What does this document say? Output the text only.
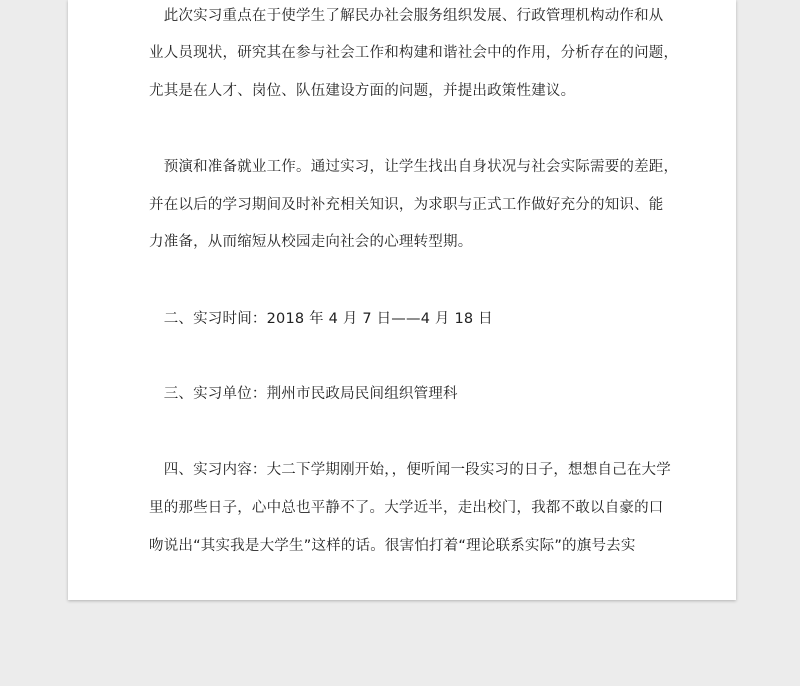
　此次实习重点在于使学生了解民办社会服务组织发展、行政管理机构动作和从
业人员现状，研究其在参与社会工作和构建和谐社会中的作用，分析存在的问题，
尤其是在人才、岗位、队伍建设方面的问题，并提出政策性建议。
　预演和准备就业工作。通过实习，让学生找出自身状况与社会实际需要的差距，
并在以后的学习期间及时补充相关知识，为求职与正式工作做好充分的知识、能
力准备，从而缩短从校园走向社会的心理转型期。
　二、实习时间：2018 年 4 月 7 日——4 月 18 日
　三、实习单位：荆州市民政局民间组织管理科
　四、实习内容：大二下学期刚开始，，便听闻一段实习的日子，想想自己在大学
里的那些日子，心中总也平静不了。大学近半，走出校门，我都不敢以自豪的口
吻说出“其实我是大学生”这样的话。很害怕打着“理论联系实际”的旗号去实
